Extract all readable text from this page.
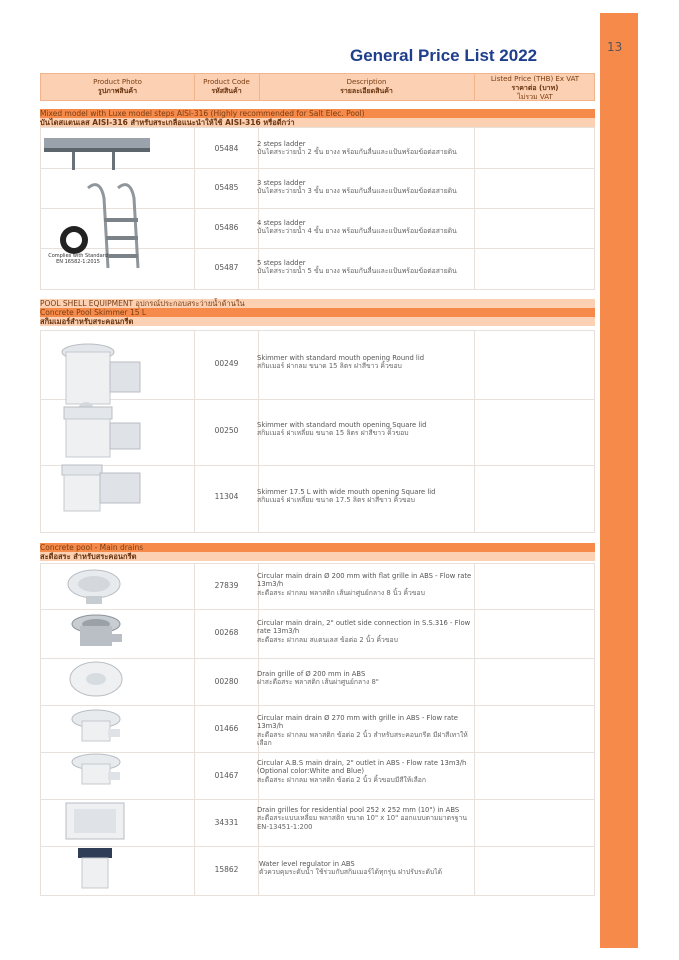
13
General Price List 2022
Product Photo
รูปภาพสินค้า
Product Code
รหัสสินค้า
Description
รายละเอียดสินค้า
Listed Price (THB) Ex VAT
ราคาต่อ (บาท)
ไม่รวม VAT
Mixed model with Luxe model steps AISI-316 (Highly recommended for Salt Elec. Pool)
บันไดสแตนเลส AISI-316 สำหรับสระเกลือแนะนำให้ใช้ AISI-316 หรือดีกว่า
05484	2 steps ladder
บันไดสระว่ายน้ำ 2 ขั้น ยางง พร้อมกันลื่นและแป้นพร้อมข้อต่อสายดิน
05485	3 steps ladder
บันไดสระว่ายน้ำ 3 ขั้น ยางง พร้อมกันลื่นและแป้นพร้อมข้อต่อสายดิน
05486	4 steps ladder
บันไดสระว่ายน้ำ 4 ขั้น ยางง พร้อมกันลื่นและแป้นพร้อมข้อต่อสายดิน
05487	5 steps ladder
บันไดสระว่ายน้ำ 5 ขั้น ยางง พร้อมกันลื่นและแป้นพร้อมข้อต่อสายดิน
Complies with Standard EN 16582-1:2015
POOL SHELL EQUIPMENT อุปกรณ์ประกอบสระว่ายน้ำด้านใน
Concrete Pool Skimmer 15 L
สกิมเมอร์สำหรับสระคอนกรีต
00249
Skimmer with standard mouth opening Round lid
สกิมเมอร์ ฝากลม ขนาด 15 ลิตร ฝาสีขาว คิ้วขอบ
00250
Skimmer with standard mouth opening Square lid
สกิมเมอร์ ฝาเหลี่ยม ขนาด 15 ลิตร ฝาสีขาว คิ้วขอบ
11304	Skimmer 17.5 L with wide mouth opening Square lid
สกิมเมอร์ ฝาเหลี่ยม ขนาด 17.5 ลิตร ฝาสีขาว คิ้วขอบ
Concrete pool - Main drains
สะดือสระ สำหรับสระคอนกรีต
27839
Circular main drain Ø 200 mm with flat grille in ABS - Flow rate 13m3/h
สะดือสระ ฝากลม พลาสติก เส้นผ่าศูนย์กลาง 8 นิ้ว คิ้วขอบ
00268
Circular main drain, 2" outlet side connection in S.S.316 - Flow rate 13m3/h
สะดือสระ ฝากลม สแตนเลส ข้อต่อ 2 นิ้ว คิ้วขอบ
00280
Drain grille of Ø 200 mm in ABS
ฝาสะดือสระ พลาสติก เส้นผ่าศูนย์กลาง 8"
01466
Circular main drain Ø 270 mm with grille in ABS - Flow rate 13m3/h
สะดือสระ ฝากลม พลาสติก ข้อต่อ 2 นิ้ว สำหรับสระคอนกรีต มีฝาสีเทาให้เลือก
01467
Circular A.B.S main drain, 2" outlet in ABS - Flow rate 13m3/h (Optional color:White and Blue)
สะดือสระ ฝากลม พลาสติก ข้อต่อ 2 นิ้ว คิ้วขอบมีสีให้เลือก
34331
Drain grilles for residential pool 252 x 252 mm (10") in ABS
สะดือสระแบบเหลี่ยม พลาสติก ขนาด 10" x 10" ออกแบบตามมาตรฐาน EN-13451-1:200
15862
Water level regulator in ABS
ตัวควบคุมระดับน้ำ ใช้ร่วมกับสกิมเมอร์ได้ทุกรุ่น ฝาปรับระดับได้
